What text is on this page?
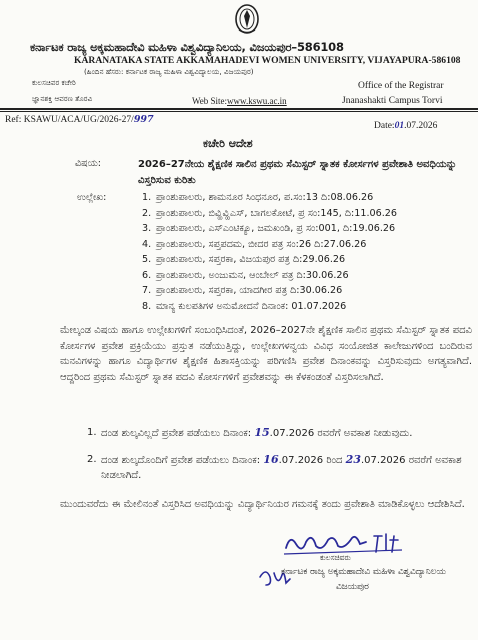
ಕರ್ನಾಟಕ ರಾಜ್ಯ ಅಕ್ಕಮಹಾದೇವಿ ಮಹಿಳಾ ವಿಶ್ವವಿದ್ಯಾನಿಲಯ, ವಿಜಯಪುರ–586108
KARANATAKA STATE AKKAMAHADEVI WOMEN UNIVERSITY, VIJAYAPURA-586108
(ಹಿಂದಿನ ಹೆಸರು: ಕರ್ನಾಟಕ ರಾಜ್ಯ ಮಹಿಳಾ ವಿಶ್ವವಿದ್ಯಾಲಯ, ವಿಜಯಪುರ)
ಕುಲಸಚಿವರ ಕಚೇರಿ
ಜ್ಞಾನಶಕ್ತಿ ಆವರಣ ತೊರವಿ	Web Site:www.kswu.ac.in
Office of the Registrar
Jnanashakti Campus Torvi
Ref: KSAWU/ACA/UG/2026-27/997
Date:01.07.2026
ಕಚೇರಿ ಆದೇಶ
ವಿಷಯ:	2026–27ನೇಯ ಶೈಕ್ಷಣಿಕ ಸಾಲಿನ ಪ್ರಥಮ ಸೆಮಿಸ್ಟರ್ ಸ್ನಾತಕ ಕೋರ್ಸಗಳ ಪ್ರವೇಶಾತಿ ಅವಧಿಯನ್ನು ವಿಸ್ತರಿಸುವ ಕುರಿತು
ಉಲ್ಲೇಖ:	1. ಪ್ರಾಂಶುಪಾಲರು, ಶಾಮನೂರ ಸಿಂಧನೂರ, ಪ.ಸಂ:13 ದಿ:08.06.26
2. ಪ್ರಾಂಶುಪಾಲರು, ಬಿವ್ಹಿವ್ಹಿಎಸ್, ಬಾಗಲಕೋಟೆ, ಪ್ರ ಸಂ:145, ದಿ:11.06.26
3. ಪ್ರಾಂಶುಪಾಲರು, ಎಸ್‌ಎಂಟಿಕ್ಯೂ, ಜಮಖಂಡಿ, ಪ್ರ ಸಂ:001, ದಿ:19.06.26
4. ಪ್ರಾಂಶುಪಾಲರು, ಸಪ್ತಪದಮ, ಬೀದರ ಪತ್ರ ಸಂ:26 ದಿ:27.06.26
5. ಪ್ರಾಂಶುಪಾಲರು, ಸಪ್ತರಕಾ, ವಿಜಯಪುರ ಪತ್ರ ದಿ:29.06.26
6. ಪ್ರಾಂಶುಪಾಲರು, ಅಂಜುಮನ, ಆಂಬೇಲ್ ಪತ್ರ ದಿ:30.06.26
7. ಪ್ರಾಂಶುಪಾಲರು, ಸಪ್ತರಕಾ, ಯಾದಗೀರ ಪತ್ರ ದಿ:30.06.26
8. ಮಾನ್ಯ ಕುಲಪತಿಗಳ ಅನುಮೋದನೆ ದಿನಾಂಕ: 01.07.2026
ಮೇಲ್ಕಂಡ ವಿಷಯ ಹಾಗೂ ಉಲ್ಲೇಖಗಳಿಗೆ ಸಂಬಂಧಿಸಿದಂತೆ, 2026–2027ನೇ ಶೈಕ್ಷಣಿಕ ಸಾಲಿನ ಪ್ರಥಮ ಸೆಮಿಸ್ಟರ್ ಸ್ನಾತಕ ಪದವಿ ಕೋರ್ಸಗಳ ಪ್ರವೇಶ ಪ್ರಕ್ರಿಯೆಯು ಪ್ರಸ್ತುತ ನಡೆಯುತ್ತಿದ್ದು, ಉಲ್ಲೇಖಗಳನ್ವಯ ವಿವಿಧ ಸಂಯೋಜಿತ ಕಾಲೇಜುಗಳಿಂದ ಬಂದಿರುವ ಮನವಿಗಳನ್ನು ಹಾಗೂ ವಿದ್ಯಾರ್ಥಿಗಳ ಶೈಕ್ಷಣಿಕ ಹಿತಾಸಕ್ತಿಯನ್ನು ಪರಿಗಣಿಸಿ ಪ್ರವೇಶ ದಿನಾಂಕವನ್ನು ವಿಸ್ತರಿಸುವುದು ಅಗತ್ಯವಾಗಿದೆ. ಆದ್ದರಿಂದ ಪ್ರಥಮ ಸೆಮಿಸ್ಟರ್ ಸ್ನಾತಕ ಪದವಿ ಕೋರ್ಸಗಳಿಗೆ ಪ್ರವೇಶವನ್ನು ಈ ಕೆಳಕಂಡಂತೆ ವಿಸ್ತರಿಸಲಾಗಿದೆ.
1. ದಂಡ ಶುಲ್ಕವಿಲ್ಲದೆ ಪ್ರವೇಶ ಪಡೆಯಲು ದಿನಾಂಕ: 15.07.2026 ರವರೆಗೆ ಅವಕಾಶ ನೀಡುವುದು.
2. ದಂಡ ಶುಲ್ಕದೊಂದಿಗೆ ಪ್ರವೇಶ ಪಡೆಯಲು ದಿನಾಂಕ: 16.07.2026 ರಿಂದ 23.07.2026 ರವರೆಗೆ ಅವಕಾಶ ನೀಡಲಾಗಿದೆ.
ಮುಂದುವರೆದು ಈ ಮೇಲಿನಂತೆ ವಿಸ್ತರಿಸಿದ ಅವಧಿಯನ್ನು ವಿದ್ಯಾರ್ಥಿನಿಯರ ಗಮನಕ್ಕೆ ತಂದು ಪ್ರವೇಶಾತಿ ಮಾಡಿಕೊಳ್ಳಲು ಆದೇಶಿಸಿದೆ.
ಕುಲಸಚಿವರು
ಕರ್ನಾಟಕ ರಾಜ್ಯ ಅಕ್ಕಮಹಾದೇವಿ ಮಹಿಳಾ ವಿಶ್ವವಿದ್ಯಾನಿಲಯ
ವಿಜಯಪುರ
